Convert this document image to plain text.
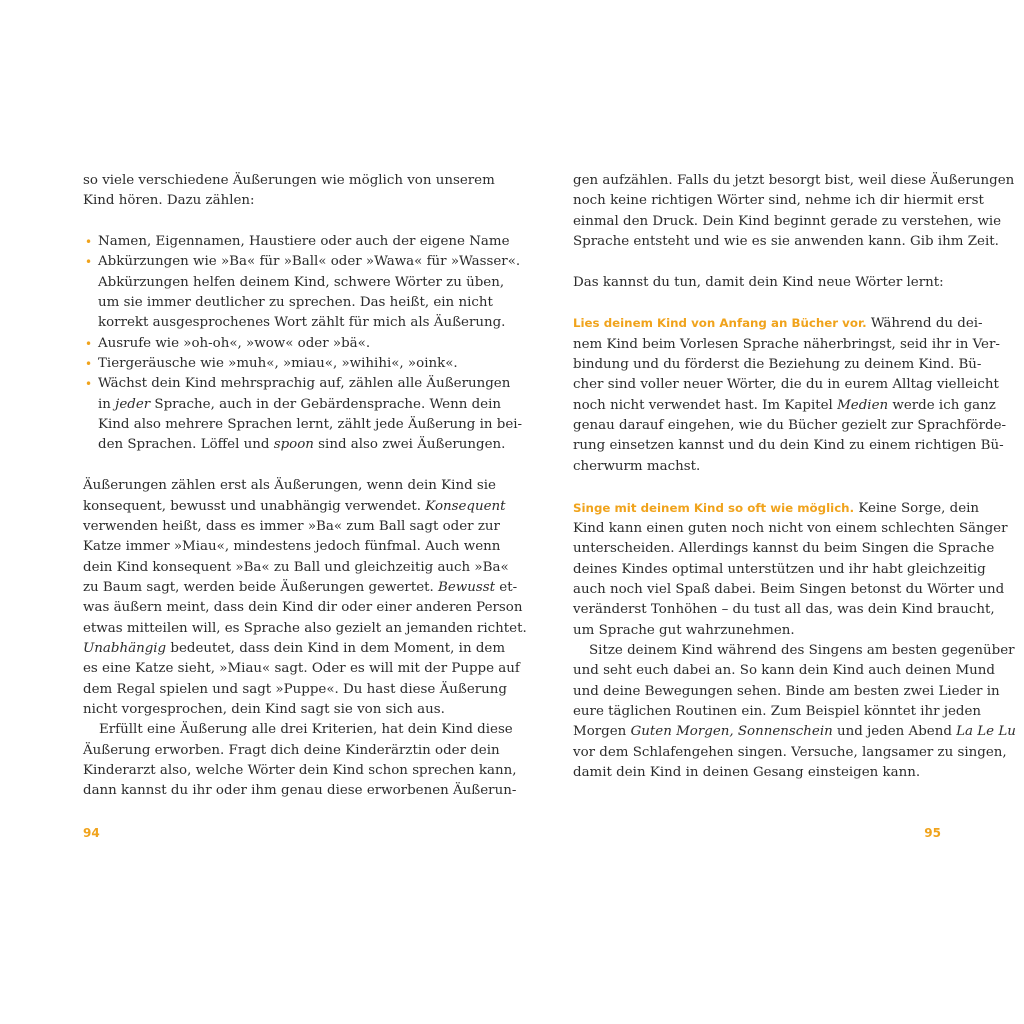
so viele verschiedene Äußerungen wie möglich von unserem
Kind hören. Dazu zählen:
• Namen, Eigennamen, Haustiere oder auch der eigene Name
• Abkürzungen wie »Ba« für »Ball« oder »Wawa« für »Wasser«.
Abkürzungen helfen deinem Kind, schwere Wörter zu üben,
um sie immer deutlicher zu sprechen. Das heißt, ein nicht
korrekt ausgesprochenes Wort zählt für mich als Äußerung.
• Ausrufe wie »oh-oh«, »wow« oder »bä«.
• Tiergeräusche wie »muh«, »miau«, »wihihi«, »oink«.
• Wächst dein Kind mehrsprachig auf, zählen alle Äußerungen
in jeder Sprache, auch in der Gebärdensprache. Wenn dein
Kind also mehrere Sprachen lernt, zählt jede Äußerung in bei-
den Sprachen. Löffel und spoon sind also zwei Äußerungen.
Äußerungen zählen erst als Äußerungen, wenn dein Kind sie
konsequent, bewusst und unabhängig verwendet. Konsequent
verwenden heißt, dass es immer »Ba« zum Ball sagt oder zur
Katze immer »Miau«, mindestens jedoch fünfmal. Auch wenn
dein Kind konsequent »Ba« zu Ball und gleichzeitig auch »Ba«
zu Baum sagt, werden beide Äußerungen gewertet. Bewusst et-
was äußern meint, dass dein Kind dir oder einer anderen Person
etwas mitteilen will, es Sprache also gezielt an jemanden richtet.
Unabhängig bedeutet, dass dein Kind in dem Moment, in dem
es eine Katze sieht, »Miau« sagt. Oder es will mit der Puppe auf
dem Regal spielen und sagt »Puppe«. Du hast diese Äußerung
nicht vorgesprochen, dein Kind sagt sie von sich aus.
Erfüllt eine Äußerung alle drei Kriterien, hat dein Kind diese
Äußerung erworben. Fragt dich deine Kinderärztin oder dein
Kinderarzt also, welche Wörter dein Kind schon sprechen kann,
dann kannst du ihr oder ihm genau diese erworbenen Äußerun-
94
gen aufzählen. Falls du jetzt besorgt bist, weil diese Äußerungen
noch keine richtigen Wörter sind, nehme ich dir hiermit erst
einmal den Druck. Dein Kind beginnt gerade zu verstehen, wie
Sprache entsteht und wie es sie anwenden kann. Gib ihm Zeit.
Das kannst du tun, damit dein Kind neue Wörter lernt:
Lies deinem Kind von Anfang an Bücher vor. Während du dei-
nem Kind beim Vorlesen Sprache näherbringst, seid ihr in Ver-
bindung und du förderst die Beziehung zu deinem Kind. Bü-
cher sind voller neuer Wörter, die du in eurem Alltag vielleicht
noch nicht verwendet hast. Im Kapitel Medien werde ich ganz
genau darauf eingehen, wie du Bücher gezielt zur Sprachförde-
rung einsetzen kannst und du dein Kind zu einem richtigen Bü-
cherwurm machst.
Singe mit deinem Kind so oft wie möglich. Keine Sorge, dein
Kind kann einen guten noch nicht von einem schlechten Sänger
unterscheiden. Allerdings kannst du beim Singen die Sprache
deines Kindes optimal unterstützen und ihr habt gleichzeitig
auch noch viel Spaß dabei. Beim Singen betonst du Wörter und
veränderst Tonhöhen – du tust all das, was dein Kind braucht,
um Sprache gut wahrzunehmen.
Sitze deinem Kind während des Singens am besten gegenüber
und seht euch dabei an. So kann dein Kind auch deinen Mund
und deine Bewegungen sehen. Binde am besten zwei Lieder in
eure täglichen Routinen ein. Zum Beispiel könntet ihr jeden
Morgen Guten Morgen, Sonnenschein und jeden Abend La Le Lu
vor dem Schlafengehen singen. Versuche, langsamer zu singen,
damit dein Kind in deinen Gesang einsteigen kann.
95
